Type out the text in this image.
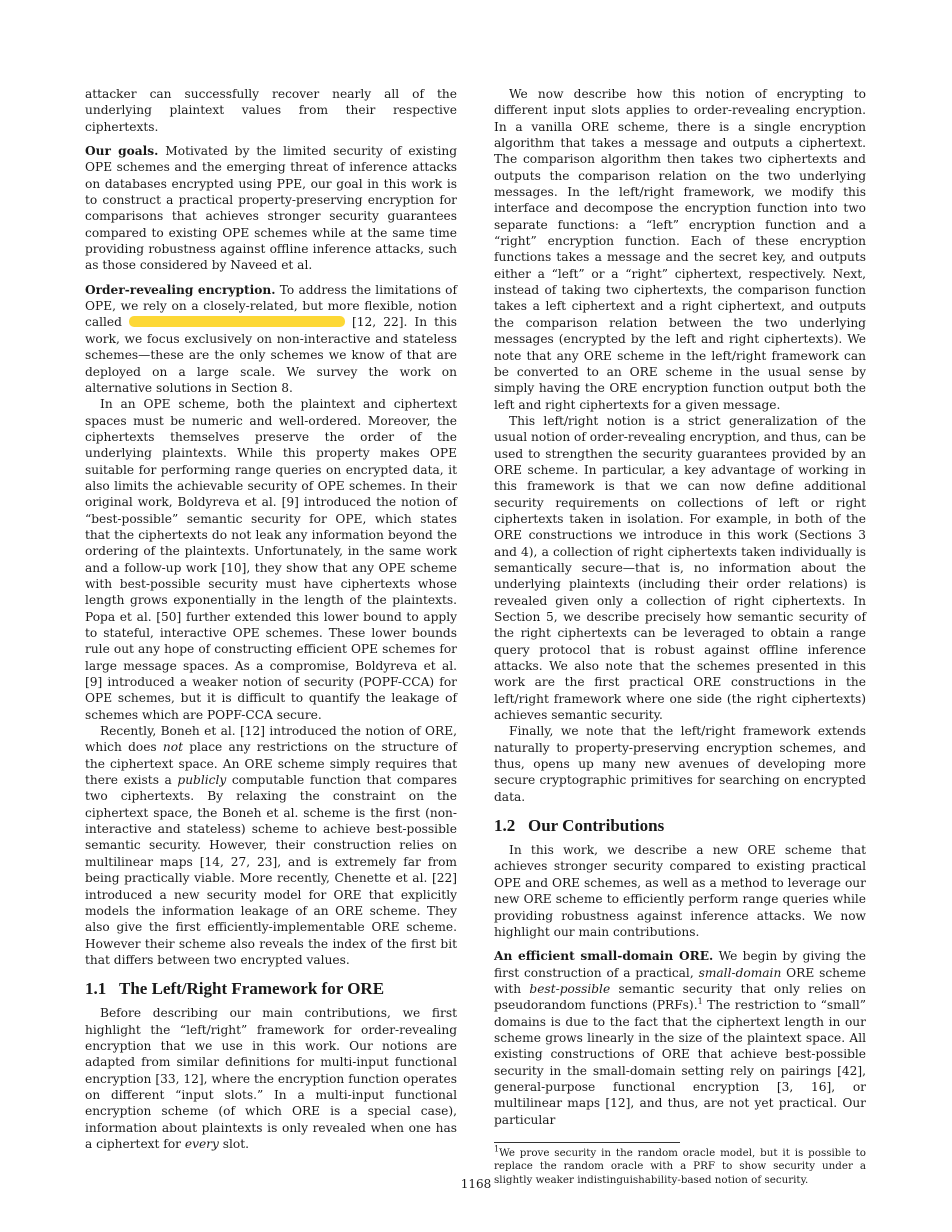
attacker can successfully recover nearly all of the underlying plaintext values from their respective ciphertexts.

Our goals. Motivated by the limited security of existing OPE schemes and the emerging threat of inference attacks on databases encrypted using PPE, our goal in this work is to construct a practical property-preserving encryption for comparisons that achieves stronger security guarantees compared to existing OPE schemes while at the same time providing robustness against offline inference attacks, such as those considered by Naveed et al.

Order-revealing encryption. To address the limitations of OPE, we rely on a closely-related, but more flexible, notion called	[12, 22]. In this work, we focus exclusively on non-interactive and stateless schemes—these are the only schemes we know of that are deployed on a large scale. We survey the work on alternative solutions in Section 8.

In an OPE scheme, both the plaintext and ciphertext spaces must be numeric and well-ordered. Moreover, the ciphertexts themselves preserve the order of the underlying plaintexts. While this property makes OPE suitable for performing range queries on encrypted data, it also limits the achievable security of OPE schemes. In their original work, Boldyreva et al. [9] introduced the notion of “best-possible” semantic security for OPE, which states that the ciphertexts do not leak any information beyond the ordering of the plaintexts. Unfortunately, in the same work and a follow-up work [10], they show that any OPE scheme with best-possible security must have ciphertexts whose length grows exponentially in the length of the plaintexts. Popa et al. [50] further extended this lower bound to apply to stateful, interactive OPE schemes. These lower bounds rule out any hope of constructing efficient OPE schemes for large message spaces. As a compromise, Boldyreva et al. [9] introduced a weaker notion of security (POPF-CCA) for OPE schemes, but it is difficult to quantify the leakage of schemes which are POPF-CCA secure.

Recently, Boneh et al. [12] introduced the notion of ORE, which does not place any restrictions on the structure of the ciphertext space. An ORE scheme simply requires that there exists a publicly computable function that compares two ciphertexts. By relaxing the constraint on the ciphertext space, the Boneh et al. scheme is the first (non-interactive and stateless) scheme to achieve best-possible semantic security. However, their construction relies on multilinear maps [14, 27, 23], and is extremely far from being practically viable. More recently, Chenette et al. [22] introduced a new security model for ORE that explicitly models the information leakage of an ORE scheme. They also give the first efficiently-implementable ORE scheme. However their scheme also reveals the index of the first bit that differs between two encrypted values.

1.1 The Left/Right Framework for ORE

Before describing our main contributions, we first highlight the “left/right” framework for order-revealing encryption that we use in this work. Our notions are adapted from similar definitions for multi-input functional encryption [33, 12], where the encryption function operates on different “input slots.” In a multi-input functional encryption scheme (of which ORE is a special case), information about plaintexts is only revealed when one has a ciphertext for every slot.

We now describe how this notion of encrypting to different input slots applies to order-revealing encryption. In a vanilla ORE scheme, there is a single encryption algorithm that takes a message and outputs a ciphertext. The comparison algorithm then takes two ciphertexts and outputs the comparison relation on the two underlying messages. In the left/right framework, we modify this interface and decompose the encryption function into two separate functions: a “left” encryption function and a “right” encryption function. Each of these encryption functions takes a message and the secret key, and outputs either a “left” or a “right” ciphertext, respectively. Next, instead of taking two ciphertexts, the comparison function takes a left ciphertext and a right ciphertext, and outputs the comparison relation between the two underlying messages (encrypted by the left and right ciphertexts). We note that any ORE scheme in the left/right framework can be converted to an ORE scheme in the usual sense by simply having the ORE encryption function output both the left and right ciphertexts for a given message.

This left/right notion is a strict generalization of the usual notion of order-revealing encryption, and thus, can be used to strengthen the security guarantees provided by an ORE scheme. In particular, a key advantage of working in this framework is that we can now define additional security requirements on collections of left or right ciphertexts taken in isolation. For example, in both of the ORE constructions we introduce in this work (Sections 3 and 4), a collection of right ciphertexts taken individually is semantically secure—that is, no information about the underlying plaintexts (including their order relations) is revealed given only a collection of right ciphertexts. In Section 5, we describe precisely how semantic security of the right ciphertexts can be leveraged to obtain a range query protocol that is robust against offline inference attacks. We also note that the schemes presented in this work are the first practical ORE constructions in the left/right framework where one side (the right ciphertexts) achieves semantic security.

Finally, we note that the left/right framework extends naturally to property-preserving encryption schemes, and thus, opens up many new avenues of developing more secure cryptographic primitives for searching on encrypted data.

1.2 Our Contributions

In this work, we describe a new ORE scheme that achieves stronger security compared to existing practical OPE and ORE schemes, as well as a method to leverage our new ORE scheme to efficiently perform range queries while providing robustness against inference attacks. We now highlight our main contributions.

An efficient small-domain ORE. We begin by giving the first construction of a practical, small-domain ORE scheme with best-possible semantic security that only relies on pseudorandom functions (PRFs).$^1$ The restriction to “small” domains is due to the fact that the ciphertext length in our scheme grows linearly in the size of the plaintext space. All existing constructions of ORE that achieve best-possible security in the small-domain setting rely on pairings [42], general-purpose functional encryption [3, 16], or multilinear maps [12], and thus, are not yet practical. Our particular

$^1$We prove security in the random oracle model, but it is possible to replace the random oracle with a PRF to show security under a slightly weaker indistinguishability-based notion of security.

1168
